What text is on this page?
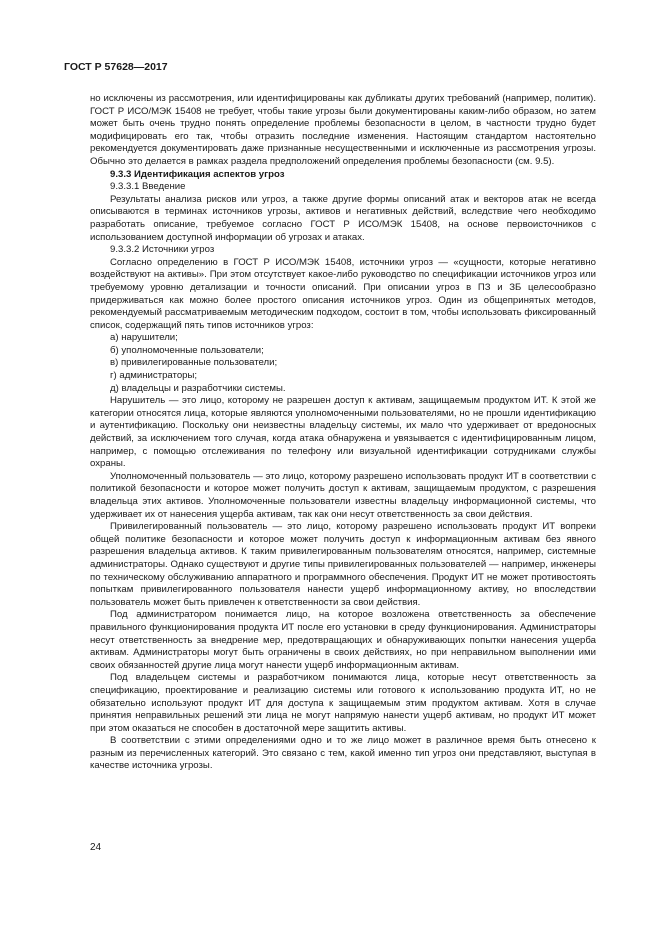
ГОСТ Р 57628—2017

но исключены из рассмотрения, или идентифицированы как дубликаты других требований (например, политик). ГОСТ Р ИСО/МЭК 15408 не требует, чтобы такие угрозы были документированы каким-либо образом, но затем может быть очень трудно понять определение проблемы безопасности в целом, в частности трудно будет модифицировать его так, чтобы отразить последние изменения. Настоящим стандартом настоятельно рекомендуется документировать даже признанные несущественными и исключенные из рассмотрения угрозы. Обычно это делается в рамках раздела предположений определения проблемы безопасности (см. 9.5).

9.3.3 Идентификация аспектов угроз

9.3.3.1 Введение

Результаты анализа рисков или угроз, а также другие формы описаний атак и векторов атак не всегда описываются в терминах источников угрозы, активов и негативных действий, вследствие чего необходимо разработать описание, требуемое согласно ГОСТ Р ИСО/МЭК 15408, на основе первоисточников с использованием доступной информации об угрозах и атаках.

9.3.3.2 Источники угроз

Согласно определению в ГОСТ Р ИСО/МЭК 15408, источники угроз — «сущности, которые негативно воздействуют на активы». При этом отсутствует какое-либо руководство по спецификации источников угроз или требуемому уровню детализации и точности описаний. При описании угроз в ПЗ и ЗБ целесообразно придерживаться как можно более простого описания источников угроз. Один из общепринятых методов, рекомендуемый рассматриваемым методическим подходом, состоит в том, чтобы использовать фиксированный список, содержащий пять типов источников угроз:

а) нарушители;

б) уполномоченные пользователи;

в) привилегированные пользователи;

г) администраторы;

д) владельцы и разработчики системы.

Нарушитель — это лицо, которому не разрешен доступ к активам, защищаемым продуктом ИТ. К этой же категории относятся лица, которые являются уполномоченными пользователями, но не прошли идентификацию и аутентификацию. Поскольку они неизвестны владельцу системы, их мало что удерживает от вредоносных действий, за исключением того случая, когда атака обнаружена и увязывается с идентифицированным лицом, например, с помощью отслеживания по телефону или визуальной идентификации сотрудниками службы охраны.

Уполномоченный пользователь — это лицо, которому разрешено использовать продукт ИТ в соответствии с политикой безопасности и которое может получить доступ к активам, защищаемым продуктом, с разрешения владельца этих активов. Уполномоченные пользователи известны владельцу информационной системы, что удерживает их от нанесения ущерба активам, так как они несут ответственность за свои действия.

Привилегированный пользователь — это лицо, которому разрешено использовать продукт ИТ вопреки общей политике безопасности и которое может получить доступ к информационным активам без явного разрешения владельца активов. К таким привилегированным пользователям относятся, например, системные администраторы. Однако существуют и другие типы привилегированных пользователей — например, инженеры по техническому обслуживанию аппаратного и программного обеспечения. Продукт ИТ не может противостоять попыткам привилегированного пользователя нанести ущерб информационному активу, но впоследствии пользователь может быть привлечен к ответственности за свои действия.

Под администратором понимается лицо, на которое возложена ответственность за обеспечение правильного функционирования продукта ИТ после его установки в среду функционирования. Администраторы несут ответственность за внедрение мер, предотвращающих и обнаруживающих попытки нанесения ущерба активам. Администраторы могут быть ограничены в своих действиях, но при неправильном выполнении ими своих обязанностей другие лица могут нанести ущерб информационным активам.

Под владельцем системы и разработчиком понимаются лица, которые несут ответственность за спецификацию, проектирование и реализацию системы или готового к использованию продукта ИТ, но не обязательно используют продукт ИТ для доступа к защищаемым этим продуктом активам. Хотя в случае принятия неправильных решений эти лица не могут напрямую нанести ущерб активам, но продукт ИТ может при этом оказаться не способен в достаточной мере защитить активы.

В соответствии с этими определениями одно и то же лицо может в различное время быть отнесено к разным из перечисленных категорий. Это связано с тем, какой именно тип угроз они представляют, выступая в качестве источника угрозы.

24
